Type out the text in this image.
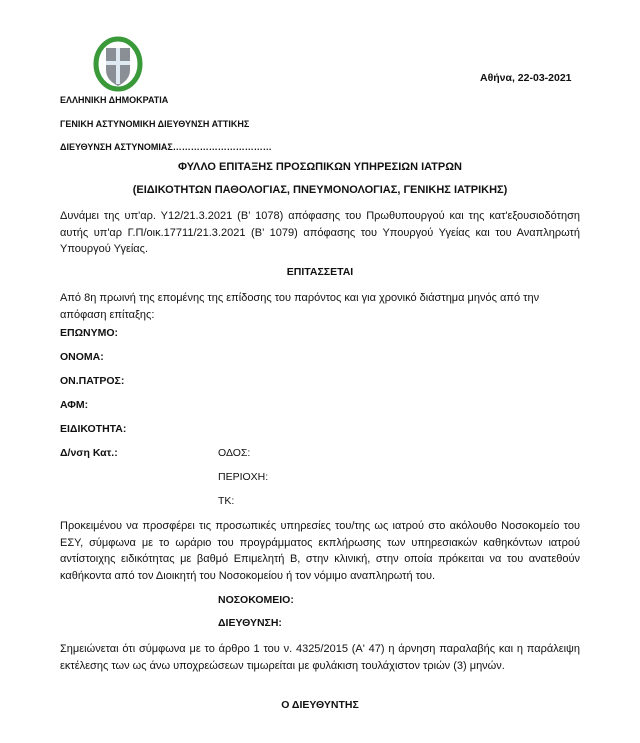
Αθήνα, 22-03-2021
ΕΛΛΗΝΙΚΗ ΔΗΜΟΚΡΑΤΙΑ
ΓΕΝΙΚΗ ΑΣΤΥΝΟΜΙΚΗ ΔΙΕΥΘΥΝΣΗ ΑΤΤΙΚΗΣ
ΔΙΕΥΘΥΝΣΗ ΑΣΤΥΝΟΜΙΑΣ……………………………
ΦΥΛΛΟ ΕΠΙΤΑΞΗΣ ΠΡΟΣΩΠΙΚΩΝ ΥΠΗΡΕΣΙΩΝ ΙΑΤΡΩΝ
(ΕΙΔΙΚΟΤΗΤΩΝ ΠΑΘΟΛΟΓΙΑΣ, ΠΝΕΥΜΟΝΟΛΟΓΙΑΣ, ΓΕΝΙΚΗΣ ΙΑΤΡΙΚΗΣ)
Δυνάμει της υπ'αρ. Υ12/21.3.2021 (Β’ 1078) απόφασης του Πρωθυπουργού και της κατ'εξουσιοδότηση αυτής υπ'αρ Γ.Π/οικ.17711/21.3.2021 (Β’ 1079) απόφασης του Υπουργού Υγείας και του Αναπληρωτή Υπουργού Υγείας.
ΕΠΙΤΑΣΣΕΤΑΙ
Από 8η πρωινή της επομένης της επίδοσης του παρόντος και για χρονικό διάστημα μηνός από την απόφαση επίταξης:
ΕΠΩΝΥΜΟ:
ΟΝΟΜΑ:
ΟΝ.ΠΑΤΡΟΣ:
ΑΦΜ:
ΕΙΔΙΚΟΤΗΤΑ:
Δ/νση Κατ.:	ΟΔΟΣ:
ΠΕΡΙΟΧΗ:
ΤΚ:
Προκειμένου να προσφέρει τις προσωπικές υπηρεσίες του/της ως ιατρού στο ακόλουθο Νοσοκομείο του ΕΣΥ, σύμφωνα με το ωράριο του προγράμματος εκπλήρωσης των υπηρεσιακών καθηκόντων ιατρού αντίστοιχης ειδικότητας με βαθμό Επιμελητή Β, στην κλινική, στην οποία πρόκειται να του ανατεθούν καθήκοντα από τον Διοικητή του Νοσοκομείου ή τον νόμιμο αναπληρωτή του.
ΝΟΣΟΚΟΜΕΙΟ:
ΔΙΕΥΘΥΝΣΗ:
Σημειώνεται ότι σύμφωνα με το άρθρο 1 του ν. 4325/2015 (Α' 47) η άρνηση παραλαβής και η παράλειψη εκτέλεσης των ως άνω υποχρεώσεων τιμωρείται με φυλάκιση τουλάχιστον τριών (3) μηνών.
Ο ΔΙΕΥΘΥΝΤΗΣ
